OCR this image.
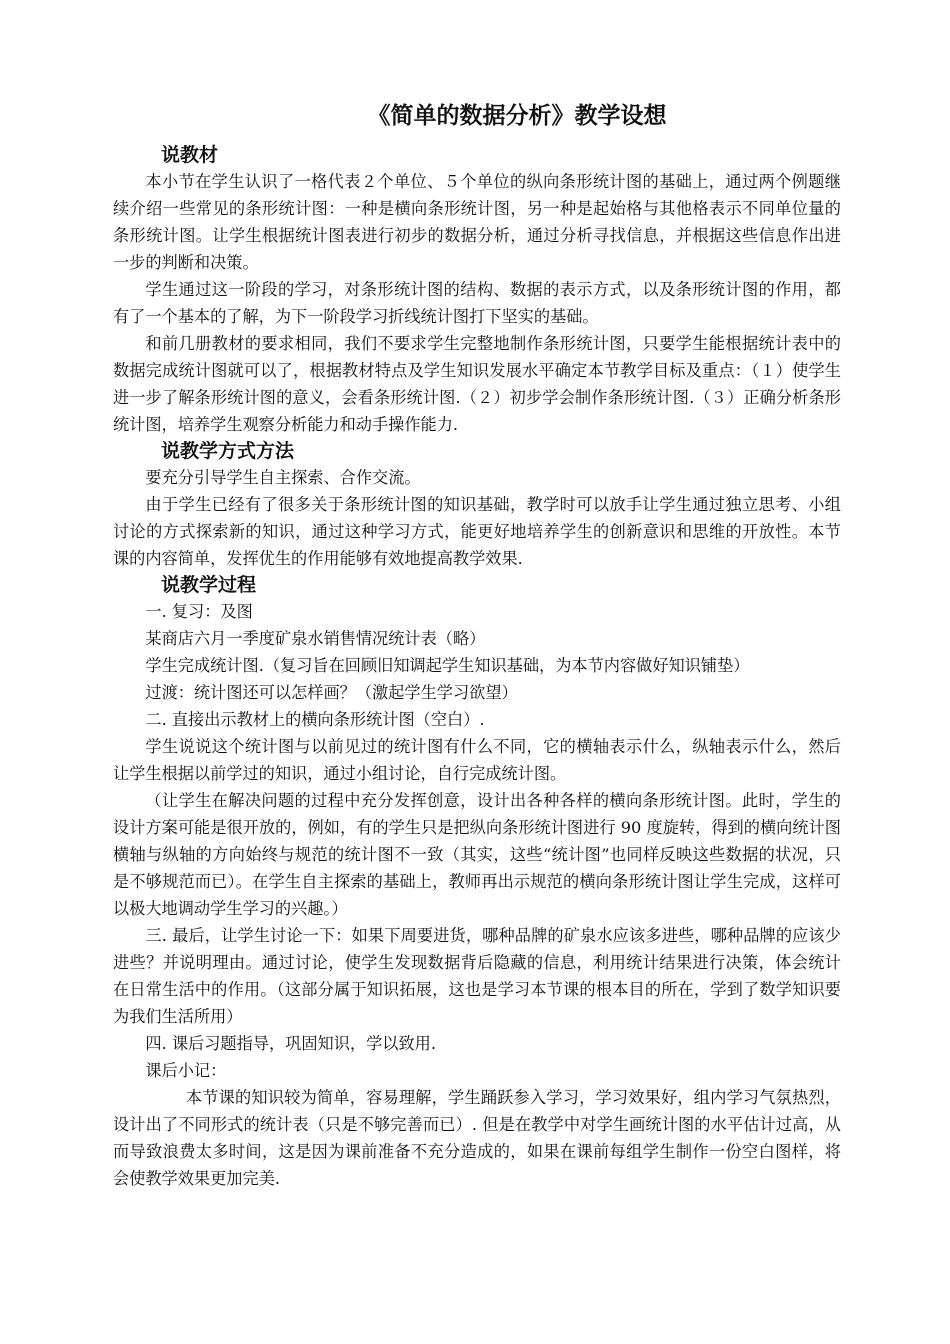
《简单的数据分析》教学设想
说教材

本小节在学生认识了一格代表２个单位、５个单位的纵向条形统计图的基础上，通过两个例题继续介绍一些常见的条形统计图：一种是横向条形统计图，另一种是起始格与其他格表示不同单位量的条形统计图。让学生根据统计图表进行初步的数据分析，通过分析寻找信息，并根据这些信息作出进一步的判断和决策。

学生通过这一阶段的学习，对条形统计图的结构、数据的表示方式，以及条形统计图的作用，都有了一个基本的了解，为下一阶段学习折线统计图打下坚实的基础。

和前几册教材的要求相同，我们不要求学生完整地制作条形统计图，只要学生能根据统计表中的数据完成统计图就可以了，根据教材特点及学生知识发展水平确定本节教学目标及重点：（１）使学生进一步了解条形统计图的意义，会看条形统计图.（２）初步学会制作条形统计图.（３）正确分析条形统计图，培养学生观察分析能力和动手操作能力.

说教学方式方法

要充分引导学生自主探索、合作交流。

由于学生已经有了很多关于条形统计图的知识基础，教学时可以放手让学生通过独立思考、小组讨论的方式探索新的知识，通过这种学习方式，能更好地培养学生的创新意识和思维的开放性。本节课的内容简单，发挥优生的作用能够有效地提高教学效果.

说教学过程

一. 复习：及图

某商店六月一季度矿泉水销售情况统计表（略）

学生完成统计图.（复习旨在回顾旧知调起学生知识基础，为本节内容做好知识铺垫）

过渡：统计图还可以怎样画？（激起学生学习欲望）

二. 直接出示教材上的横向条形统计图（空白）.

学生说说这个统计图与以前见过的统计图有什么不同，它的横轴表示什么，纵轴表示什么，然后让学生根据以前学过的知识，通过小组讨论，自行完成统计图。

（让学生在解决问题的过程中充分发挥创意，设计出各种各样的横向条形统计图。此时，学生的设计方案可能是很开放的，例如，有的学生只是把纵向条形统计图进行 90 度旋转，得到的横向统计图横轴与纵轴的方向始终与规范的统计图不一致（其实，这些“统计图”也同样反映这些数据的状况，只是不够规范而已）。在学生自主探索的基础上，教师再出示规范的横向条形统计图让学生完成，这样可以极大地调动学生学习的兴趣。）

三. 最后，让学生讨论一下：如果下周要进货，哪种品牌的矿泉水应该多进些，哪种品牌的应该少进些？并说明理由。通过讨论，使学生发现数据背后隐藏的信息，利用统计结果进行决策，体会统计在日常生活中的作用。（这部分属于知识拓展，这也是学习本节课的根本目的所在，学到了数学知识要为我们生活所用）

四. 课后习题指导，巩固知识，学以致用.

课后小记：

本节课的知识较为简单，容易理解，学生踊跃参入学习，学习效果好，组内学习气氛热烈，设计出了不同形式的统计表（只是不够完善而已）. 但是在教学中对学生画统计图的水平估计过高，从而导致浪费太多时间，这是因为课前准备不充分造成的，如果在课前每组学生制作一份空白图样，将会使教学效果更加完美.
